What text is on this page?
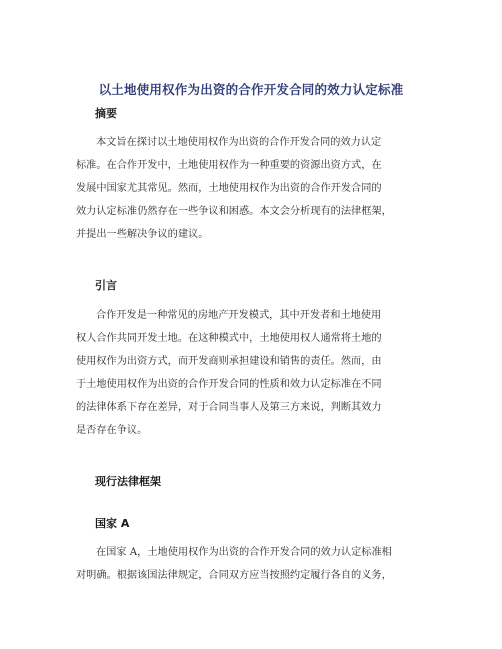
以土地使用权作为出资的合作开发合同的效力认定标准
摘要
本文旨在探讨以土地使用权作为出资的合作开发合同的效力认定
标准。在合作开发中，土地使用权作为一种重要的资源出资方式，在
发展中国家尤其常见。然而，土地使用权作为出资的合作开发合同的
效力认定标准仍然存在一些争议和困惑。本文会分析现有的法律框架，
并提出一些解决争议的建议。
引言
合作开发是一种常见的房地产开发模式，其中开发者和土地使用
权人合作共同开发土地。在这种模式中，土地使用权人通常将土地的
使用权作为出资方式，而开发商则承担建设和销售的责任。然而，由
于土地使用权作为出资的合作开发合同的性质和效力认定标准在不同
的法律体系下存在差异，对于合同当事人及第三方来说，判断其效力
是否存在争议。
现行法律框架
国家 A
在国家 A，土地使用权作为出资的合作开发合同的效力认定标准相
对明确。根据该国法律规定，合同双方应当按照约定履行各自的义务，
